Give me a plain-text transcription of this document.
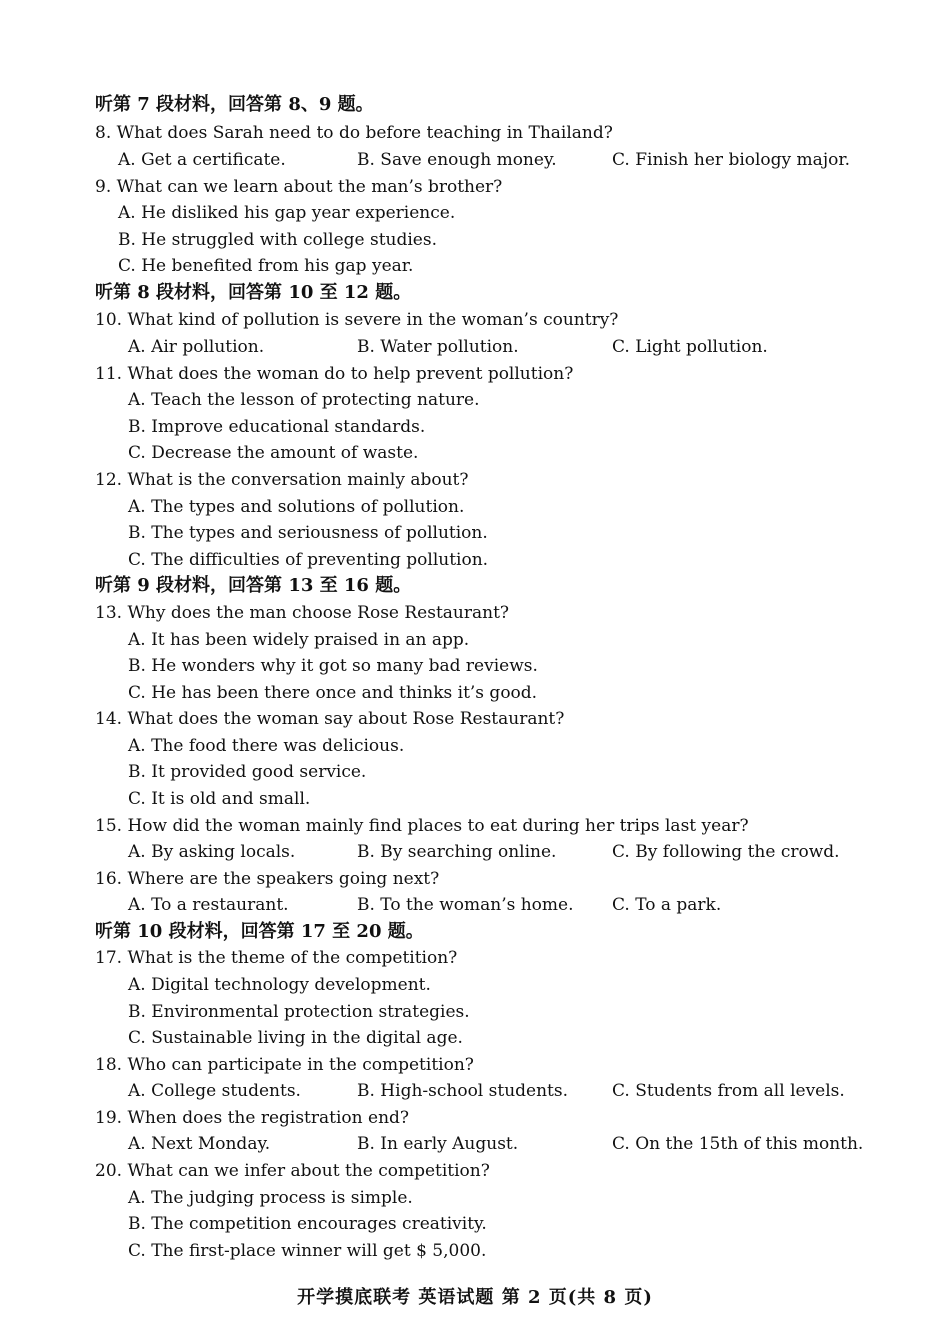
听第 7 段材料，回答第 8、9 题。
8. What does Sarah need to do before teaching in Thailand?
A. Get a certificate.	B. Save enough money.	C. Finish her biology major.
9. What can we learn about the man’s brother?
A. He disliked his gap year experience.
B. He struggled with college studies.
C. He benefited from his gap year.
听第 8 段材料，回答第 10 至 12 题。
10. What kind of pollution is severe in the woman’s country?
A. Air pollution.	B. Water pollution.	C. Light pollution.
11. What does the woman do to help prevent pollution?
A. Teach the lesson of protecting nature.
B. Improve educational standards.
C. Decrease the amount of waste.
12. What is the conversation mainly about?
A. The types and solutions of pollution.
B. The types and seriousness of pollution.
C. The difficulties of preventing pollution.
听第 9 段材料，回答第 13 至 16 题。
13. Why does the man choose Rose Restaurant?
A. It has been widely praised in an app.
B. He wonders why it got so many bad reviews.
C. He has been there once and thinks it’s good.
14. What does the woman say about Rose Restaurant?
A. The food there was delicious.
B. It provided good service.
C. It is old and small.
15. How did the woman mainly find places to eat during her trips last year?
A. By asking locals.	B. By searching online.	C. By following the crowd.
16. Where are the speakers going next?
A. To a restaurant.	B. To the woman’s home. C. To a park.
听第 10 段材料，回答第 17 至 20 题。
17. What is the theme of the competition?
A. Digital technology development.
B. Environmental protection strategies.
C. Sustainable living in the digital age.
18. Who can participate in the competition?
A. College students.	B. High-school students.	C. Students from all levels.
19. When does the registration end?
A. Next Monday.	B. In early August.	C. On the 15th of this month.
20. What can we infer about the competition?
A. The judging process is simple.
B. The competition encourages creativity.
C. The first-place winner will get $ 5,000.
开学摸底联考 英语试题 第 2 页(共 8 页)
